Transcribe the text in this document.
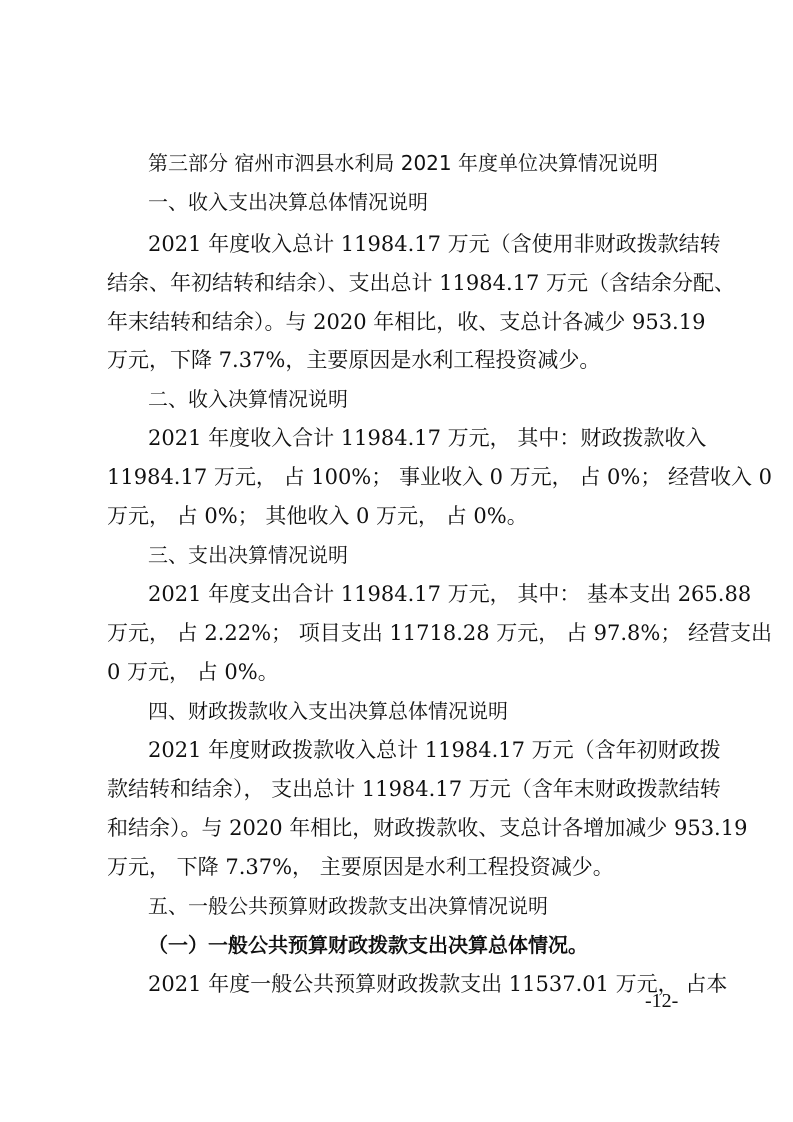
第三部分 宿州市泗县水利局 2021 年度单位决算情况说明
一、收入支出决算总体情况说明
2021 年度收入总计 11984.17 万元（含使用非财政拨款结转
结余、年初结转和结余）、支出总计 11984.17 万元（含结余分配、
年末结转和结余）。与 2020 年相比，收、支总计各减少 953.19
万元，下降 7.37%，主要原因是水利工程投资减少。
二、收入决算情况说明
2021 年度收入合计 11984.17 万元， 其中：财政拨款收入
11984.17 万元， 占 100%； 事业收入 0 万元， 占 0%； 经营收入 0
万元， 占 0%； 其他收入 0 万元， 占 0%。
三、支出决算情况说明
2021 年度支出合计 11984.17 万元， 其中： 基本支出 265.88
万元， 占 2.22%； 项目支出 11718.28 万元， 占 97.8%； 经营支出
0 万元， 占 0%。
四、财政拨款收入支出决算总体情况说明
2021 年度财政拨款收入总计 11984.17 万元（含年初财政拨
款结转和结余）， 支出总计 11984.17 万元（含年末财政拨款结转
和结余）。与 2020 年相比，财政拨款收、支总计各增加减少 953.19
万元， 下降 7.37%， 主要原因是水利工程投资减少。
五、一般公共预算财政拨款支出决算情况说明
（一）一般公共预算财政拨款支出决算总体情况。
2021 年度一般公共预算财政拨款支出 11537.01 万元， 占本
-12-
